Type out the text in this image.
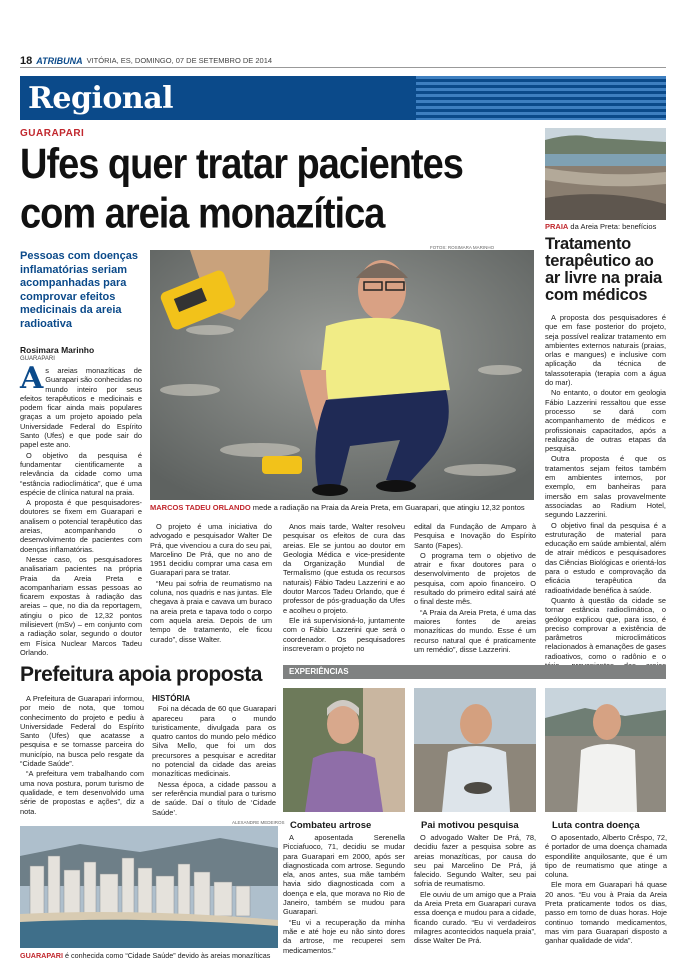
18 ATRIBUNA VITÓRIA, ES, DOMINGO, 07 DE SETEMBRO DE 2014
Regional
GUARAPARI
Ufes quer tratar pacientes com areia monazítica
Pessoas com doenças inflamatórias seriam acompanhadas para comprovar efeitos medicinais da areia radioativa
Rosimara Marinho
GUARAPARI

As areias monazíticas de Guarapari são conhecidas no mundo inteiro por seus efeitos terapêuticos e medicinais e podem ficar ainda mais populares graças a um projeto apoiado pela Universidade Federal do Espírito Santo (Ufes) e que pode sair do papel este ano.

O objetivo da pesquisa é fundamentar cientificamente a relevância da cidade como uma “estância radioclimática”, que é uma espécie de clínica natural na praia.

A proposta é que pesquisadores-doutores se fixem em Guarapari e analisem o potencial terapêutico das areias, acompanhando o desenvolvimento de pacientes com doenças inflamatórias.

Nesse caso, os pesquisadores analisariam pacientes na própria Praia da Areia Preta e acompanhariam essas pessoas ao ficarem expostas à radiação das areias – que, no dia da reportagem, atingiu o pico de 12,32 pontos milisievert (mSv) – em conjunto com a radiação solar, segundo o doutor em Física Nuclear Marcos Tadeu Orlando.

FOTOS: ROSIMARA MARINHO
MARCOS TADEU ORLANDO mede a radiação na Praia da Areia Preta, em Guarapari, que atingiu 12,32 pontos

O projeto é uma iniciativa do advogado e pesquisador Walter De Prá, que vivenciou a cura do seu pai, Marcelino De Prá, que no ano de 1951 decidiu comprar uma casa em Guarapari para se tratar.

“Meu pai sofria de reumatismo na coluna, nos quadris e nas juntas. Ele chegava à praia e cavava um buraco na areia preta e tapava todo o corpo com aquela areia. Depois de um tempo de tratamento, ele ficou curado”, disse Walter.

Anos mais tarde, Walter resolveu pesquisar os efeitos de cura das areias. Ele se juntou ao doutor em Geologia Médica e vice-presidente da Organização Mundial de Termalismo (que estuda os recursos naturais) Fábio Tadeu Lazzerini e ao doutor Marcos Tadeu Orlando, que é professor de pós-graduação da Ufes e acolheu o projeto.

Ele irá supervisioná-lo, juntamente com o Fábio Lazzerini que será o coordenador. Os pesquisadores inscreveram o projeto no

edital da Fundação de Amparo à Pesquisa e Inovação do Espírito Santo (Fapes).

O programa tem o objetivo de atrair e fixar doutores para o desenvolvimento de projetos de pesquisa, com apoio financeiro. O resultado do primeiro edital sairá até o final deste mês.

“A Praia da Areia Preta, é uma das maiores fontes de areias monazíticas do mundo. Esse é um recurso natural que é praticamente um remédio”, disse Lazzerini.

PRAIA da Areia Preta: benefícios
Tratamento terapêutico ao ar livre na praia com médicos

A proposta dos pesquisadores é que em fase posterior do projeto, seja possível realizar tratamento em ambientes externos naturais (praias, orlas e mangues) e inclusive com aplicação da técnica de talassoterapia (terapia com a água do mar).

No entanto, o doutor em geologia Fábio Lazzerini ressaltou que esse processo se dará com acompanhamento de médicos e profissionais capacitados, após a realização de outras etapas da pesquisa.

Outra proposta é que os tratamentos sejam feitos também em ambientes internos, por exemplo, em banheiras para imersão em salas provavelmente associadas ao Radium Hotel, segundo Lazzerini.

O objetivo final da pesquisa é a estruturação de material para educação em saúde ambiental, além de atrair médicos e pesquisadores das Ciências Biológicas e orientá-los para o estudo e comprovação da eficácia terapêutica da radioatividade benéfica à saúde.

Quanto à questão da cidade se tornar estância radioclimática, o geólogo explicou que, para isso, é preciso comprovar a existência de parâmetros microclimáticos relacionados à emanações de gases radioativos, como o radônio e o

Prefeitura apoia proposta

A Prefeitura de Guarapari informou, por meio de nota, que tomou conhecimento do projeto e pediu à Universidade Federal do Espírito Santo (Ufes) que acatasse a pesquisa e se tornasse parceira do município, na busca pelo resgate da “Cidade Saúde”.

“A prefeitura vem trabalhando com uma nova postura, porum turismo de qualidade, e tem desenvolvido uma série de propostas e ações”, diz a nota.

HISTÓRIA

Foi na década de 60 que Guarapari apareceu para o mundo turisticamente, divulgada para os quatro cantos do mundo pelo médico Silva Mello, que foi um dos precursores a pesquisar e acreditar no potencial da cidade das areias monazíticas medicinais.

Nessa época, a cidade passou a ser referência mundial para o turismo de saúde. Daí o título de ‘Cidade Saúde’.

ALEXANDRE MEDEIROS
GUARAPARI é conhecida como “Cidade Saúde” devido às areias monazíticas
EXPERIÊNCIAS
Combateu artrose	Pai motivou pesquisa	Luta contra doença

A aposentada Serenella Picciafuoco, 71, decidiu se mudar para Guarapari em 2000, após ser diagnosticada com artrose. Segundo ela, anos antes, sua mãe também havia sido diagnosticada com a doença e ela, que morava no Rio de Janeiro, também se mudou para Guarapari.

“Eu vi a recuperação da minha mãe e até hoje eu não sinto dores da artrose, me recuperei sem medicamentos.”

O advogado Walter De Prá, 78, decidiu fazer a pesquisa sobre as areias monazíticas, por causa do seu pai Marcelino De Prá, já falecido. Segundo Walter, seu pai sofria de reumatismo.

Ele ouviu de um amigo que a Praia da Areia Preta em Guarapari curava essa doença e mudou para a cidade, ficando curado. “Eu vi verdadeiros milagres acontecidos naquela praia”, disse Walter De Prá.

O aposentado, Alberto Crêspo, 72, é portador de uma doença chamada espondilite anquilosante, que é um tipo de reumatismo que atinge a coluna.

Ele mora em Guarapari há quase 20 anos. “Eu vou à Praia da Areia Preta praticamente todos os dias, passo em torno de duas horas. Hoje continuo tomando medicamentos, mas vim para Guarapari disposto a ganhar qualidade de vida”.
